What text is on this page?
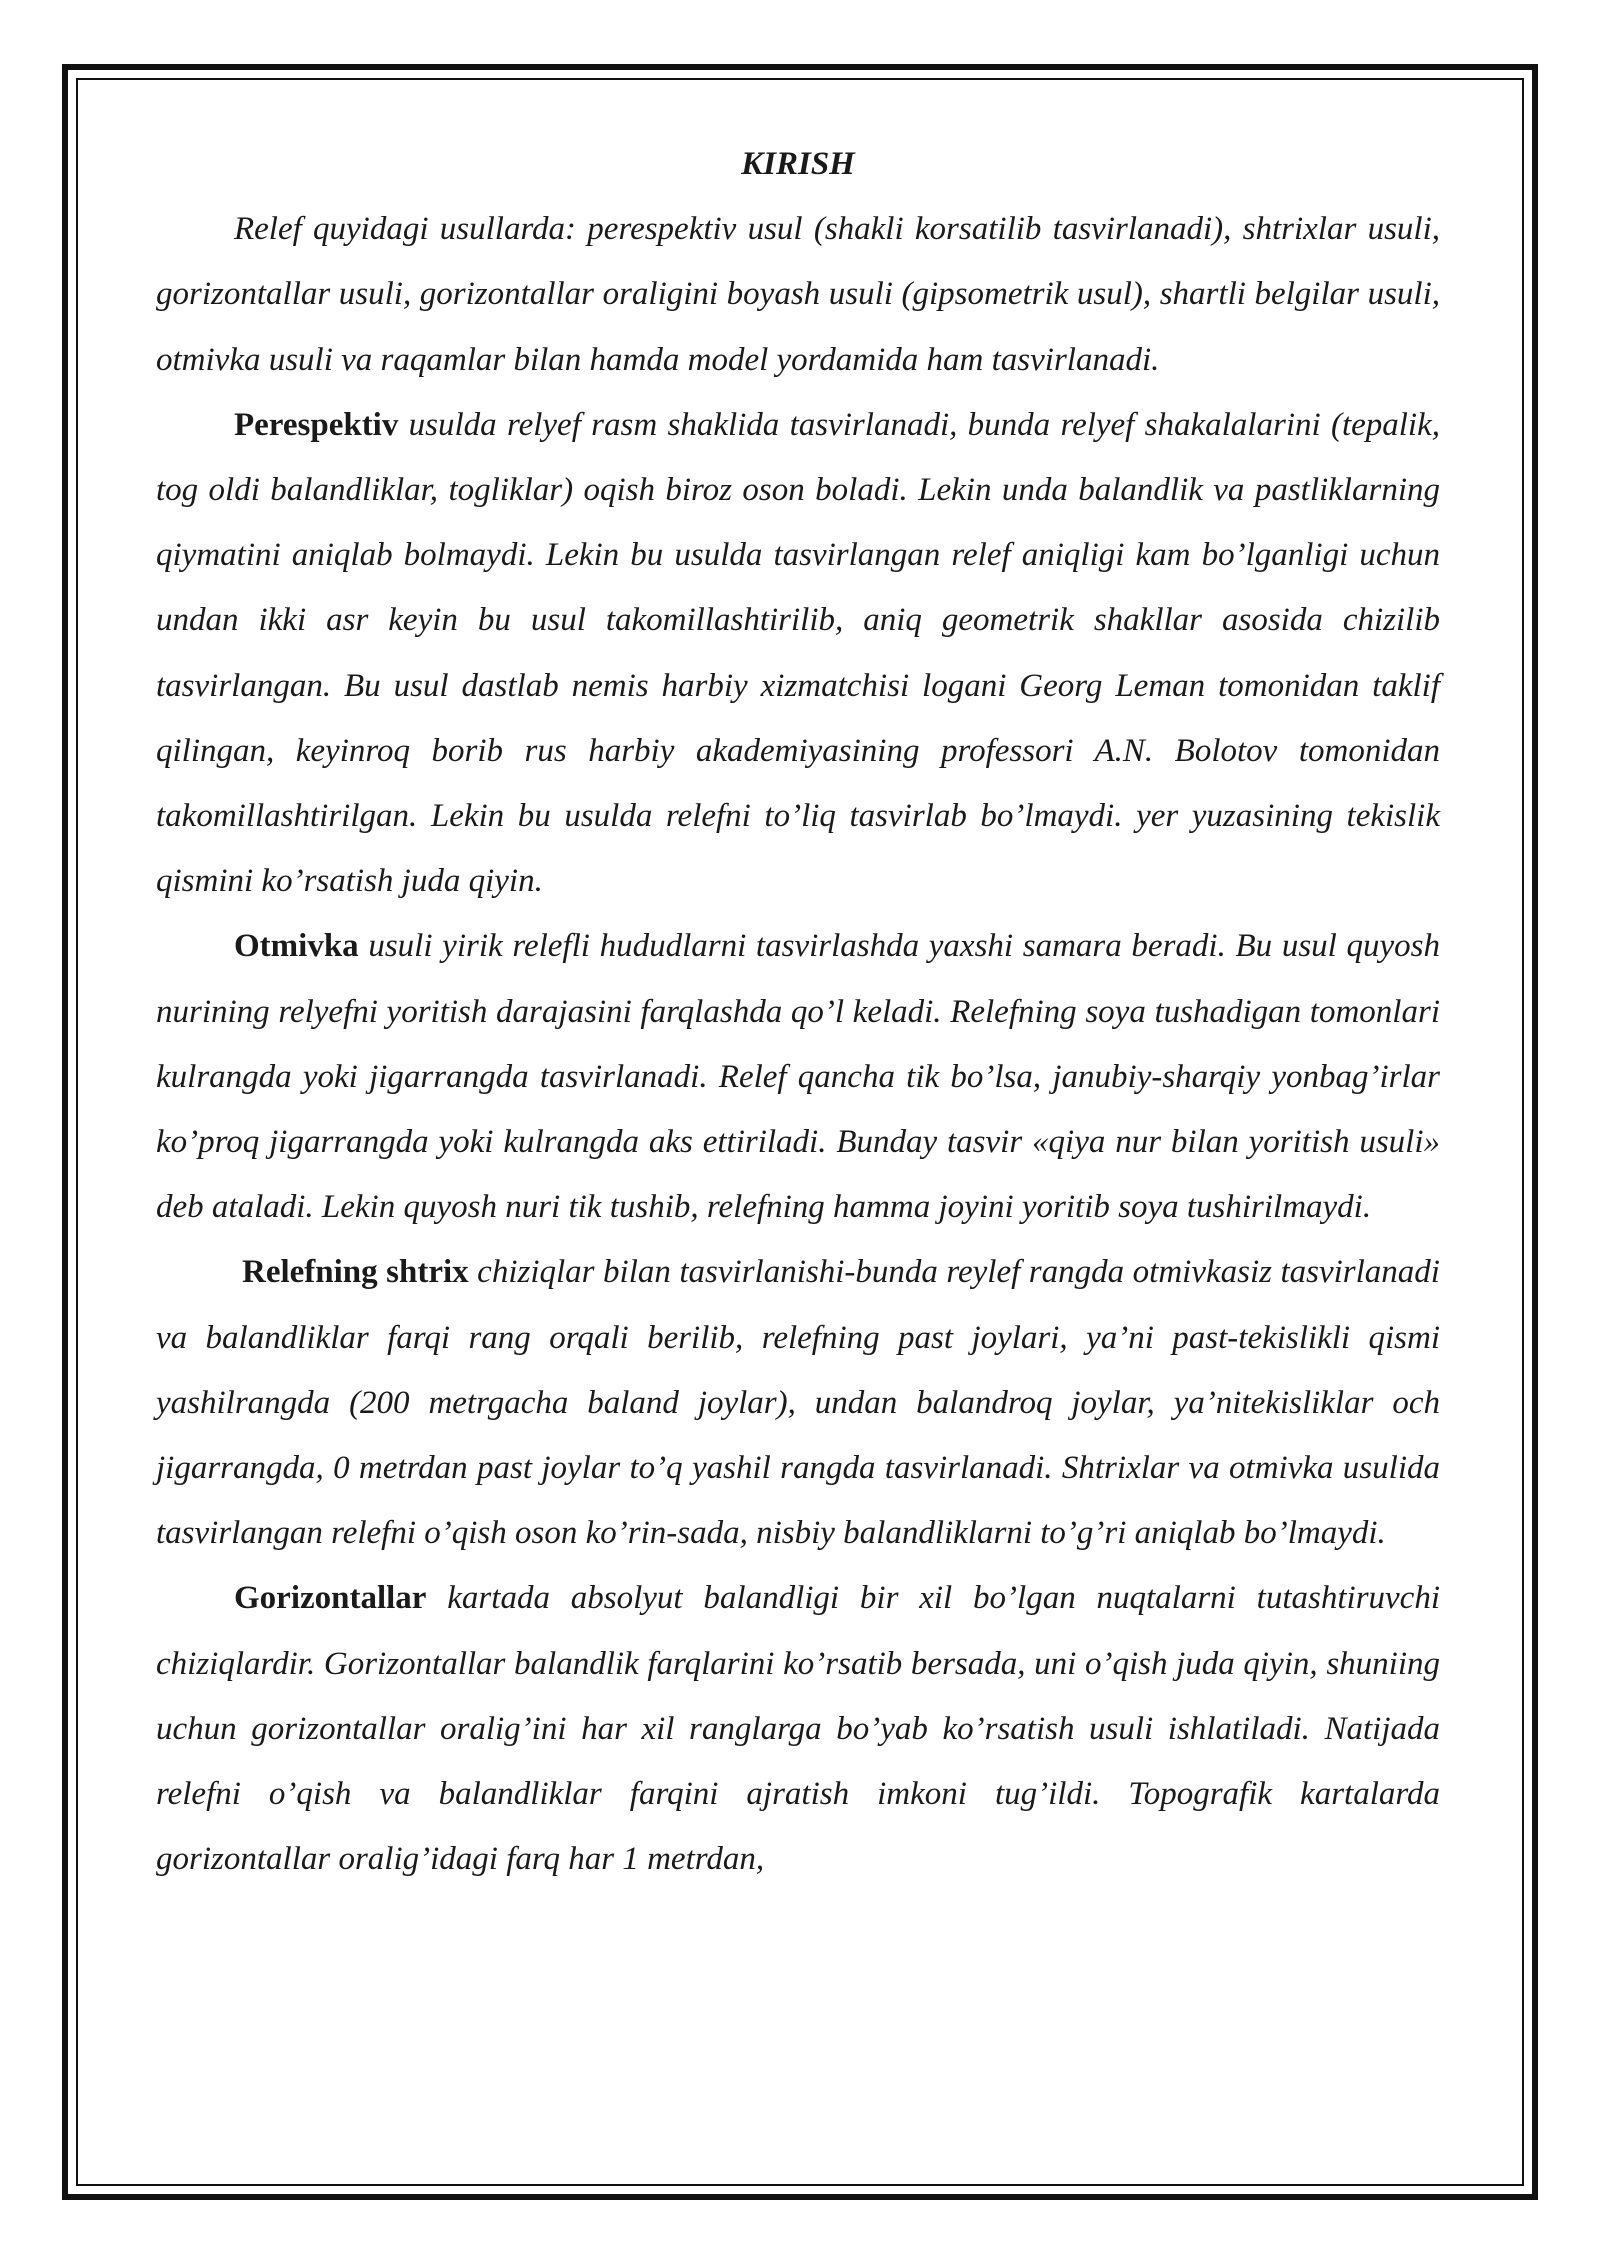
KIRISH

Relef quyidagi usullarda: perespektiv usul (shakli korsatilib tasvirlanadi), shtrixlar usuli, gorizontallar usuli, gorizontallar oraligini boyash usuli (gipsometrik usul), shartli belgilar usuli, otmivka usuli va raqamlar bilan hamda model yordamida ham tasvirlanadi.

Perespektiv usulda relyef rasm shaklida tasvirlanadi, bunda relyef shakalalarini (tepalik, tog oldi balandliklar, togliklar) oqish biroz oson boladi. Lekin unda balandlik va pastliklarning qiymatini aniqlab bolmaydi. Lekin bu usulda tasvirlangan relef aniqligi kam bo’lganligi uchun undan ikki asr keyin bu usul takomillashtirilib, aniq geometrik shakllar asosida chizilib tasvirlangan. Bu usul dastlab nemis harbiy xizmatchisi logani Georg Leman tomonidan taklif qilingan, keyinroq borib rus harbiy akademiyasining professori A.N. Bolotov tomonidan takomillashtirilgan. Lekin bu usulda relefni to’liq tasvirlab bo’lmaydi. yer yuzasining tekislik qismini ko’rsatish juda qiyin.

Otmivka usuli yirik relefli hududlarni tasvirlashda yaxshi samara beradi. Bu usul quyosh nurining relyefni yoritish darajasini farqlashda qo’l keladi. Relefning soya tushadigan tomonlari kulrangda yoki jigarrangda tasvirlanadi. Relef qancha tik bo’lsa, janubiy-sharqiy yonbag’irlar ko’proq jigarrangda yoki kulrangda aks ettiriladi. Bunday tasvir «qiya nur bilan yoritish usuli» deb ataladi. Lekin quyosh nuri tik tushib, relefning hamma joyini yoritib soya tushirilmaydi.

Relefning shtrix chiziqlar bilan tasvirlanishi-bunda reylef rangda otmivkasiz tasvirlanadi va balandliklar farqi rang orqali berilib, relefning past joylari, ya’ni past-tekislikli qismi yashilrangda (200 metrgacha baland joylar), undan balandroq joylar, ya’nitekisliklar och jigarrangda, 0 metrdan past joylar to’q yashil rangda tasvirlanadi. Shtrixlar va otmivka usulida tasvirlangan relefni o’qish oson ko’rin-sada, nisbiy balandliklarni to’g’ri aniqlab bo’lmaydi.

Gorizontallar kartada absolyut balandligi bir xil bo’lgan nuqtalarni tutashtiruvchi chiziqlardir. Gorizontallar balandlik farqlarini ko’rsatib bersada, uni o’qish juda qiyin, shuniing uchun gorizontallar oralig’ini har xil ranglarga bo’yab ko’rsatish usuli ishlatiladi. Natijada relefni o’qish va balandliklar farqini ajratish imkoni tug’ildi. Topografik kartalarda gorizontallar oralig’idagi farq har 1 metrdan,
